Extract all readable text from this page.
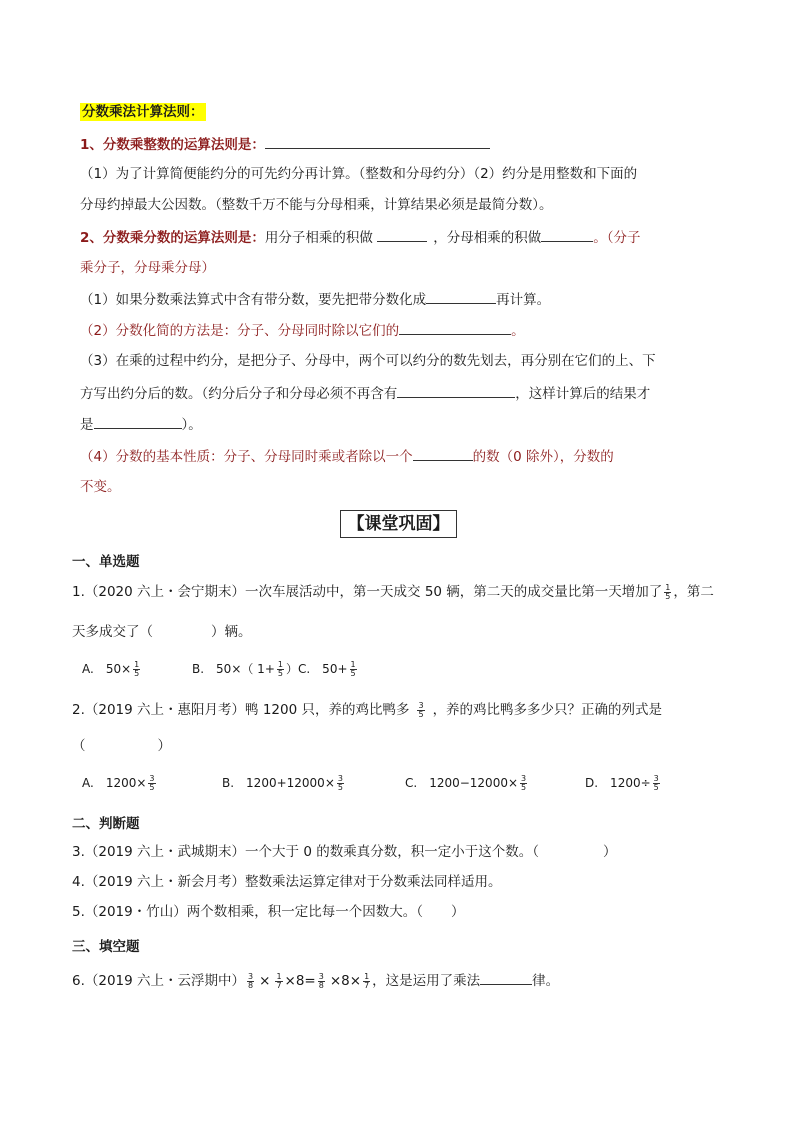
分数乘法计算法则：
1、分数乘整数的运算法则是：
（1）为了计算简便能约分的可先约分再计算。（整数和分母约分）（2）约分是用整数和下面的
分母约掉最大公因数。（整数千万不能与分母相乘，计算结果必须是最简分数）。
2、分数乘分数的运算法则是：用分子相乘的积做	，分母相乘的积做	。（分子
乘分子，分母乘分母）
（1）如果分数乘法算式中含有带分数，要先把带分数化成	再计算。
（2）分数化简的方法是：分子、分母同时除以它们的	。
（3）在乘的过程中约分，是把分子、分母中，两个可以约分的数先划去，再分别在它们的上、下
方写出约分后的数。（约分后分子和分母必须不再含有	，这样计算后的结果才
是	）。
（4）分数的基本性质：分子、分母同时乘或者除以一个	的数（0 除外），分数的
不变。
【课堂巩固】
一、单选题
1.（2020 六上・会宁期末）一次车展活动中，第一天成交 50 辆，第二天的成交量比第一天增加了 $\frac{1}{5}$ ，第二
天多成交了（	）辆。
A.　$50\times \frac{1}{5}$	B.　50×（ $1+ \frac{1}{5} )C$.　$50+ \frac{1}{5}$
2.（2019 六上・惠阳月考）鸭 1200 只，养的鸡比鸭多 $\frac{3}{5}$ ，养的鸡比鸭多多少只？正确的列式是
（	）
A.　$1200\times \frac{3}{5}$	B.　$1200+12000\times \frac{3}{5}$	C.　$1200-12000\times \frac{3}{5}$	D.　$1200\div \frac{3}{5}$
二、判断题
3.（2019 六上・武城期末）一个大于 0 的数乘真分数，积一定小于这个数。（	）
4.（2019 六上・新会月考）整数乘法运算定律对于分数乘法同样适用。
5.（2019・竹山）两个数相乘，积一定比每一个因数大。（ ）
三、填空题
6.（2019 六上・云浮期中） $\frac{3}{8} \times \frac{1}{7} \times 8= \frac{3}{8} \times 8\times \frac{1}{7}$ ，这是运用了乘法	律。
